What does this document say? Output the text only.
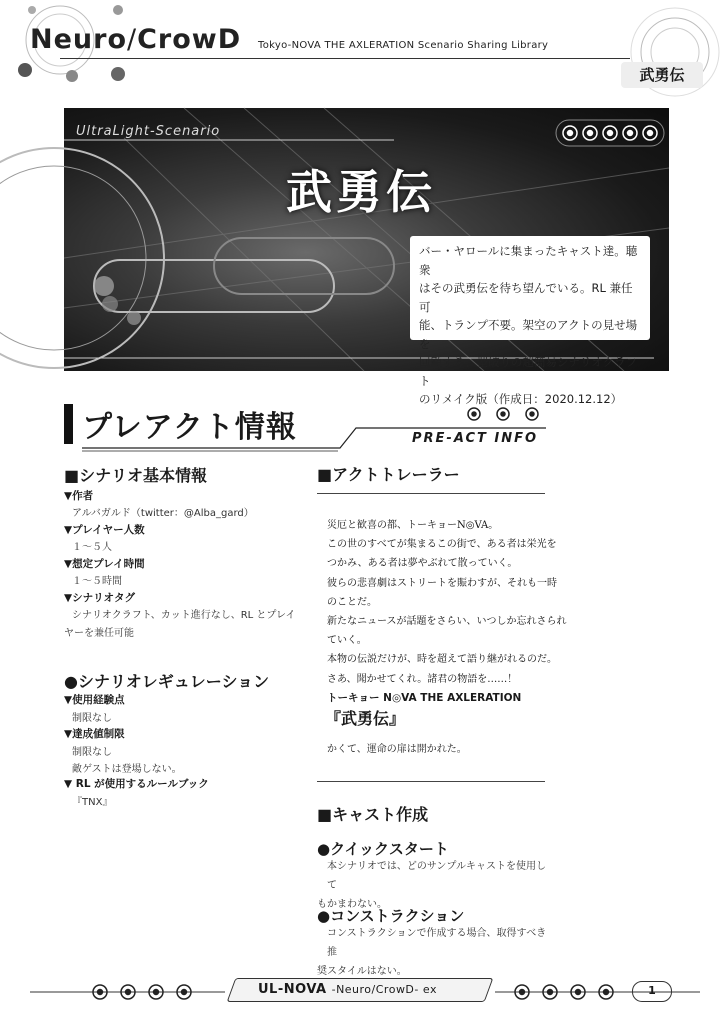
Neuro/CrowD Tokyo-NOVA THE AXLERATION Scenario Sharing Library
武勇伝
UltraLight-Scenario
武勇伝
バー・ヤロールに集まったキャスト達。聴衆
はその武勇伝を待ち望んでいる。RL 兼任可
能、トランプ不要。架空のアクトの見せ場を
回顧する、型破りの超簡易シナリオクラフト
のリメイク版（作成日：2020.12.12）
プレアクト情報	PRE-ACT INFO
■シナリオ基本情報
▼作者
アルバガルド（twitter：@Alba_gard）
▼プレイヤー人数
１～５人
▼想定プレイ時間
１～５時間
▼シナリオタグ
シナリオクラフト、カット進行なし、RL とプレイ
ヤーを兼任可能
●シナリオレギュレーション
▼使用経験点
制限なし
▼達成値制限
制限なし
敵ゲストは登場しない。
▼ RL が使用するルールブック
『TNX』
■アクトトレーラー
災厄と歓喜の都、トーキョーN◎VA。
この世のすべてが集まるこの街で、ある者は栄光を
つかみ、ある者は夢やぶれて散っていく。
彼らの悲喜劇はストリートを賑わすが、それも一時
のことだ。
新たなニュースが話題をさらい、いつしか忘れさられ
ていく。
本物の伝説だけが、時を超えて語り継がれるのだ。
さあ、聞かせてくれ。諸君の物語を……！
トーキョー N◎VA THE AXLERATION
『武勇伝』
かくて、運命の扉は開かれた。
■キャスト作成
●クイックスタート
本シナリオでは、どのサンプルキャストを使用して
もかまわない。
●コンストラクション
コンストラクションで作成する場合、取得すべき推
奨スタイルはない。
UL-NOVA -Neuro/CrowD- ex	1
